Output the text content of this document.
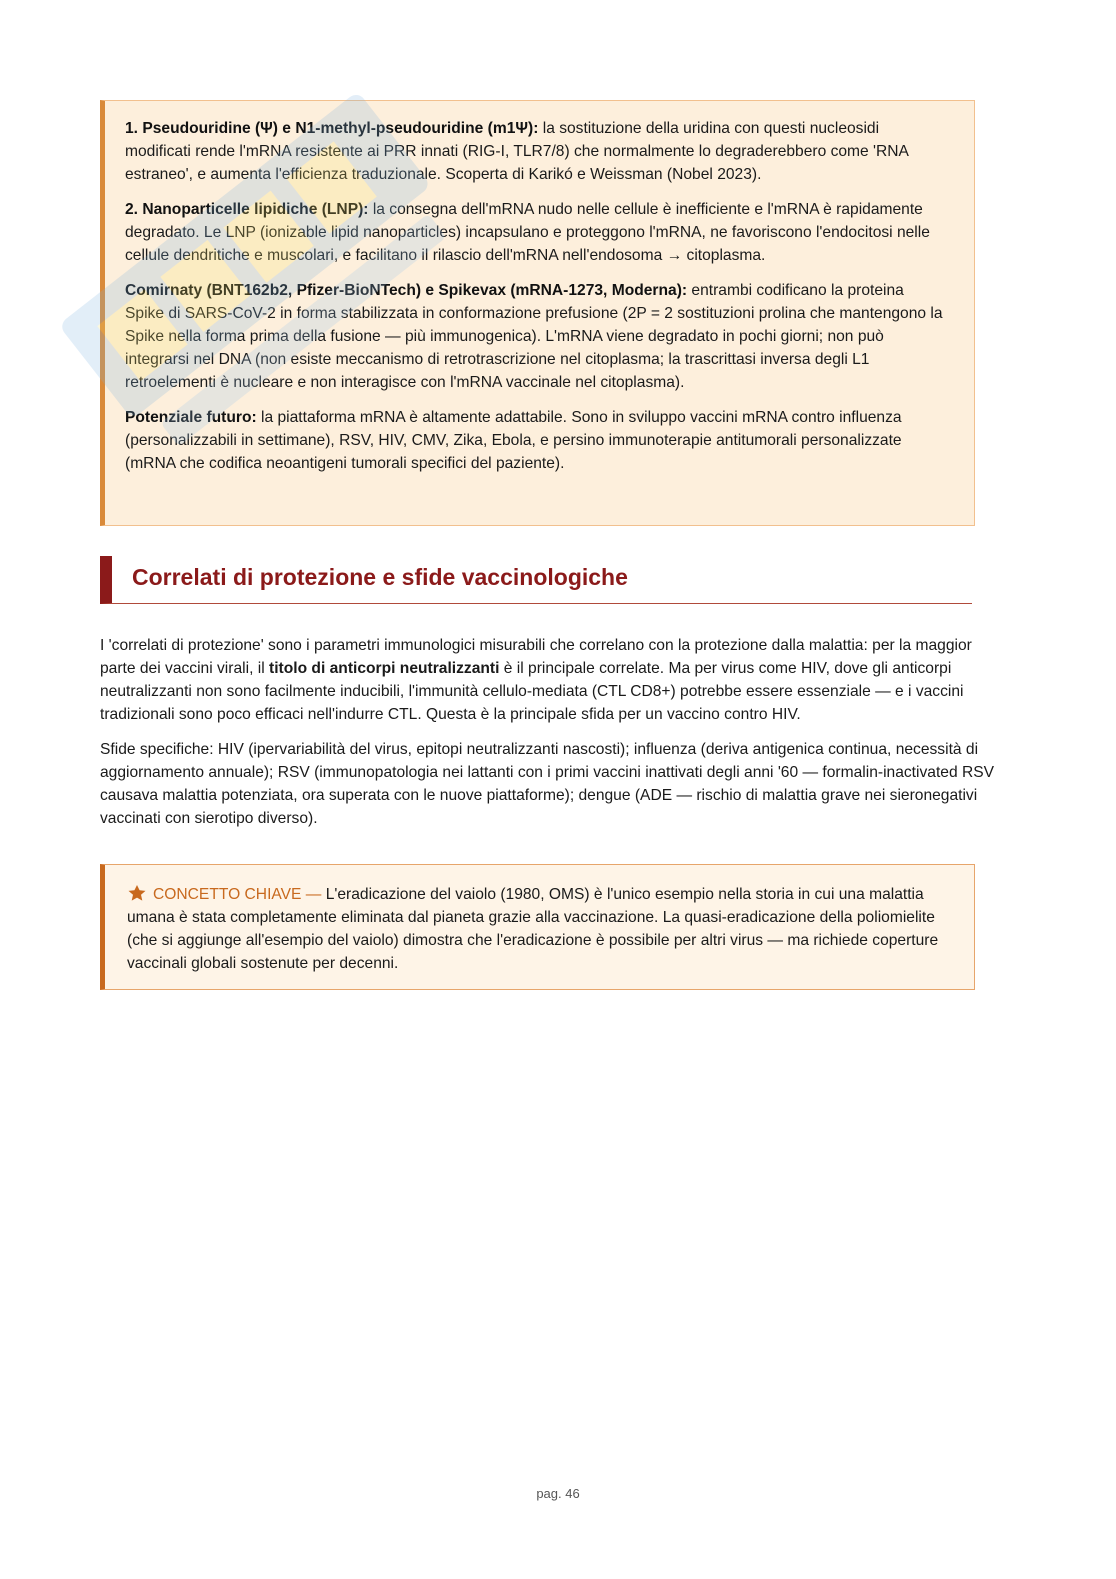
1. Pseudouridine (Ψ) e N1-methyl-pseudouridine (m1Ψ): la sostituzione della uridina con questi nucleosidi modificati rende l'mRNA resistente ai PRR innati (RIG-I, TLR7/8) che normalmente lo degraderebbero come 'RNA estraneo', e aumenta l'efficienza traduzionale. Scoperta di Karikó e Weissman (Nobel 2023).

2. Nanoparticelle lipidiche (LNP): la consegna dell'mRNA nudo nelle cellule è inefficiente e l'mRNA è rapidamente degradato. Le LNP (ionizable lipid nanoparticles) incapsulano e proteggono l'mRNA, ne favoriscono l'endocitosi nelle cellule dendritiche e muscolari, e facilitano il rilascio dell'mRNA nell'endosoma → citoplasma.

Comirnaty (BNT162b2, Pfizer-BioNTech) e Spikevax (mRNA-1273, Moderna): entrambi codificano la proteina Spike di SARS-CoV-2 in forma stabilizzata in conformazione prefusione (2P = 2 sostituzioni prolina che mantengono la Spike nella forma prima della fusione — più immunogenica). L'mRNA viene degradato in pochi giorni; non può integrarsi nel DNA (non esiste meccanismo di retrotrascrizione nel citoplasma; la trascrittasi inversa degli L1 retroelementi è nucleare e non interagisce con l'mRNA vaccinale nel citoplasma).

Potenziale futuro: la piattaforma mRNA è altamente adattabile. Sono in sviluppo vaccini mRNA contro influenza (personalizzabili in settimane), RSV, HIV, CMV, Zika, Ebola, e persino immunoterapie antitumorali personalizzate (mRNA che codifica neoantigeni tumorali specifici del paziente).

Correlati di protezione e sfide vaccinologiche

I 'correlati di protezione' sono i parametri immunologici misurabili che correlano con la protezione dalla malattia: per la maggior parte dei vaccini virali, il titolo di anticorpi neutralizzanti è il principale correlate. Ma per virus come HIV, dove gli anticorpi neutralizzanti non sono facilmente inducibili, l'immunità cellulo-mediata (CTL CD8+) potrebbe essere essenziale — e i vaccini tradizionali sono poco efficaci nell'indurre CTL. Questa è la principale sfida per un vaccino contro HIV.

Sfide specifiche: HIV (ipervariabilità del virus, epitopi neutralizzanti nascosti); influenza (deriva antigenica continua, necessità di aggiornamento annuale); RSV (immunopatologia nei lattanti con i primi vaccini inattivati degli anni '60 — formalin-inactivated RSV causava malattia potenziata, ora superata con le nuove piattaforme); dengue (ADE — rischio di malattia grave nei sieronegativi vaccinati con sierotipo diverso).

CONCETTO CHIAVE — L'eradicazione del vaiolo (1980, OMS) è l'unico esempio nella storia in cui una malattia umana è stata completamente eliminata dal pianeta grazie alla vaccinazione. La quasi-eradicazione della poliomielite (che si aggiunge all'esempio del vaiolo) dimostra che l'eradicazione è possibile per altri virus — ma richiede coperture vaccinali globali sostenute per decenni.
pag. 46
